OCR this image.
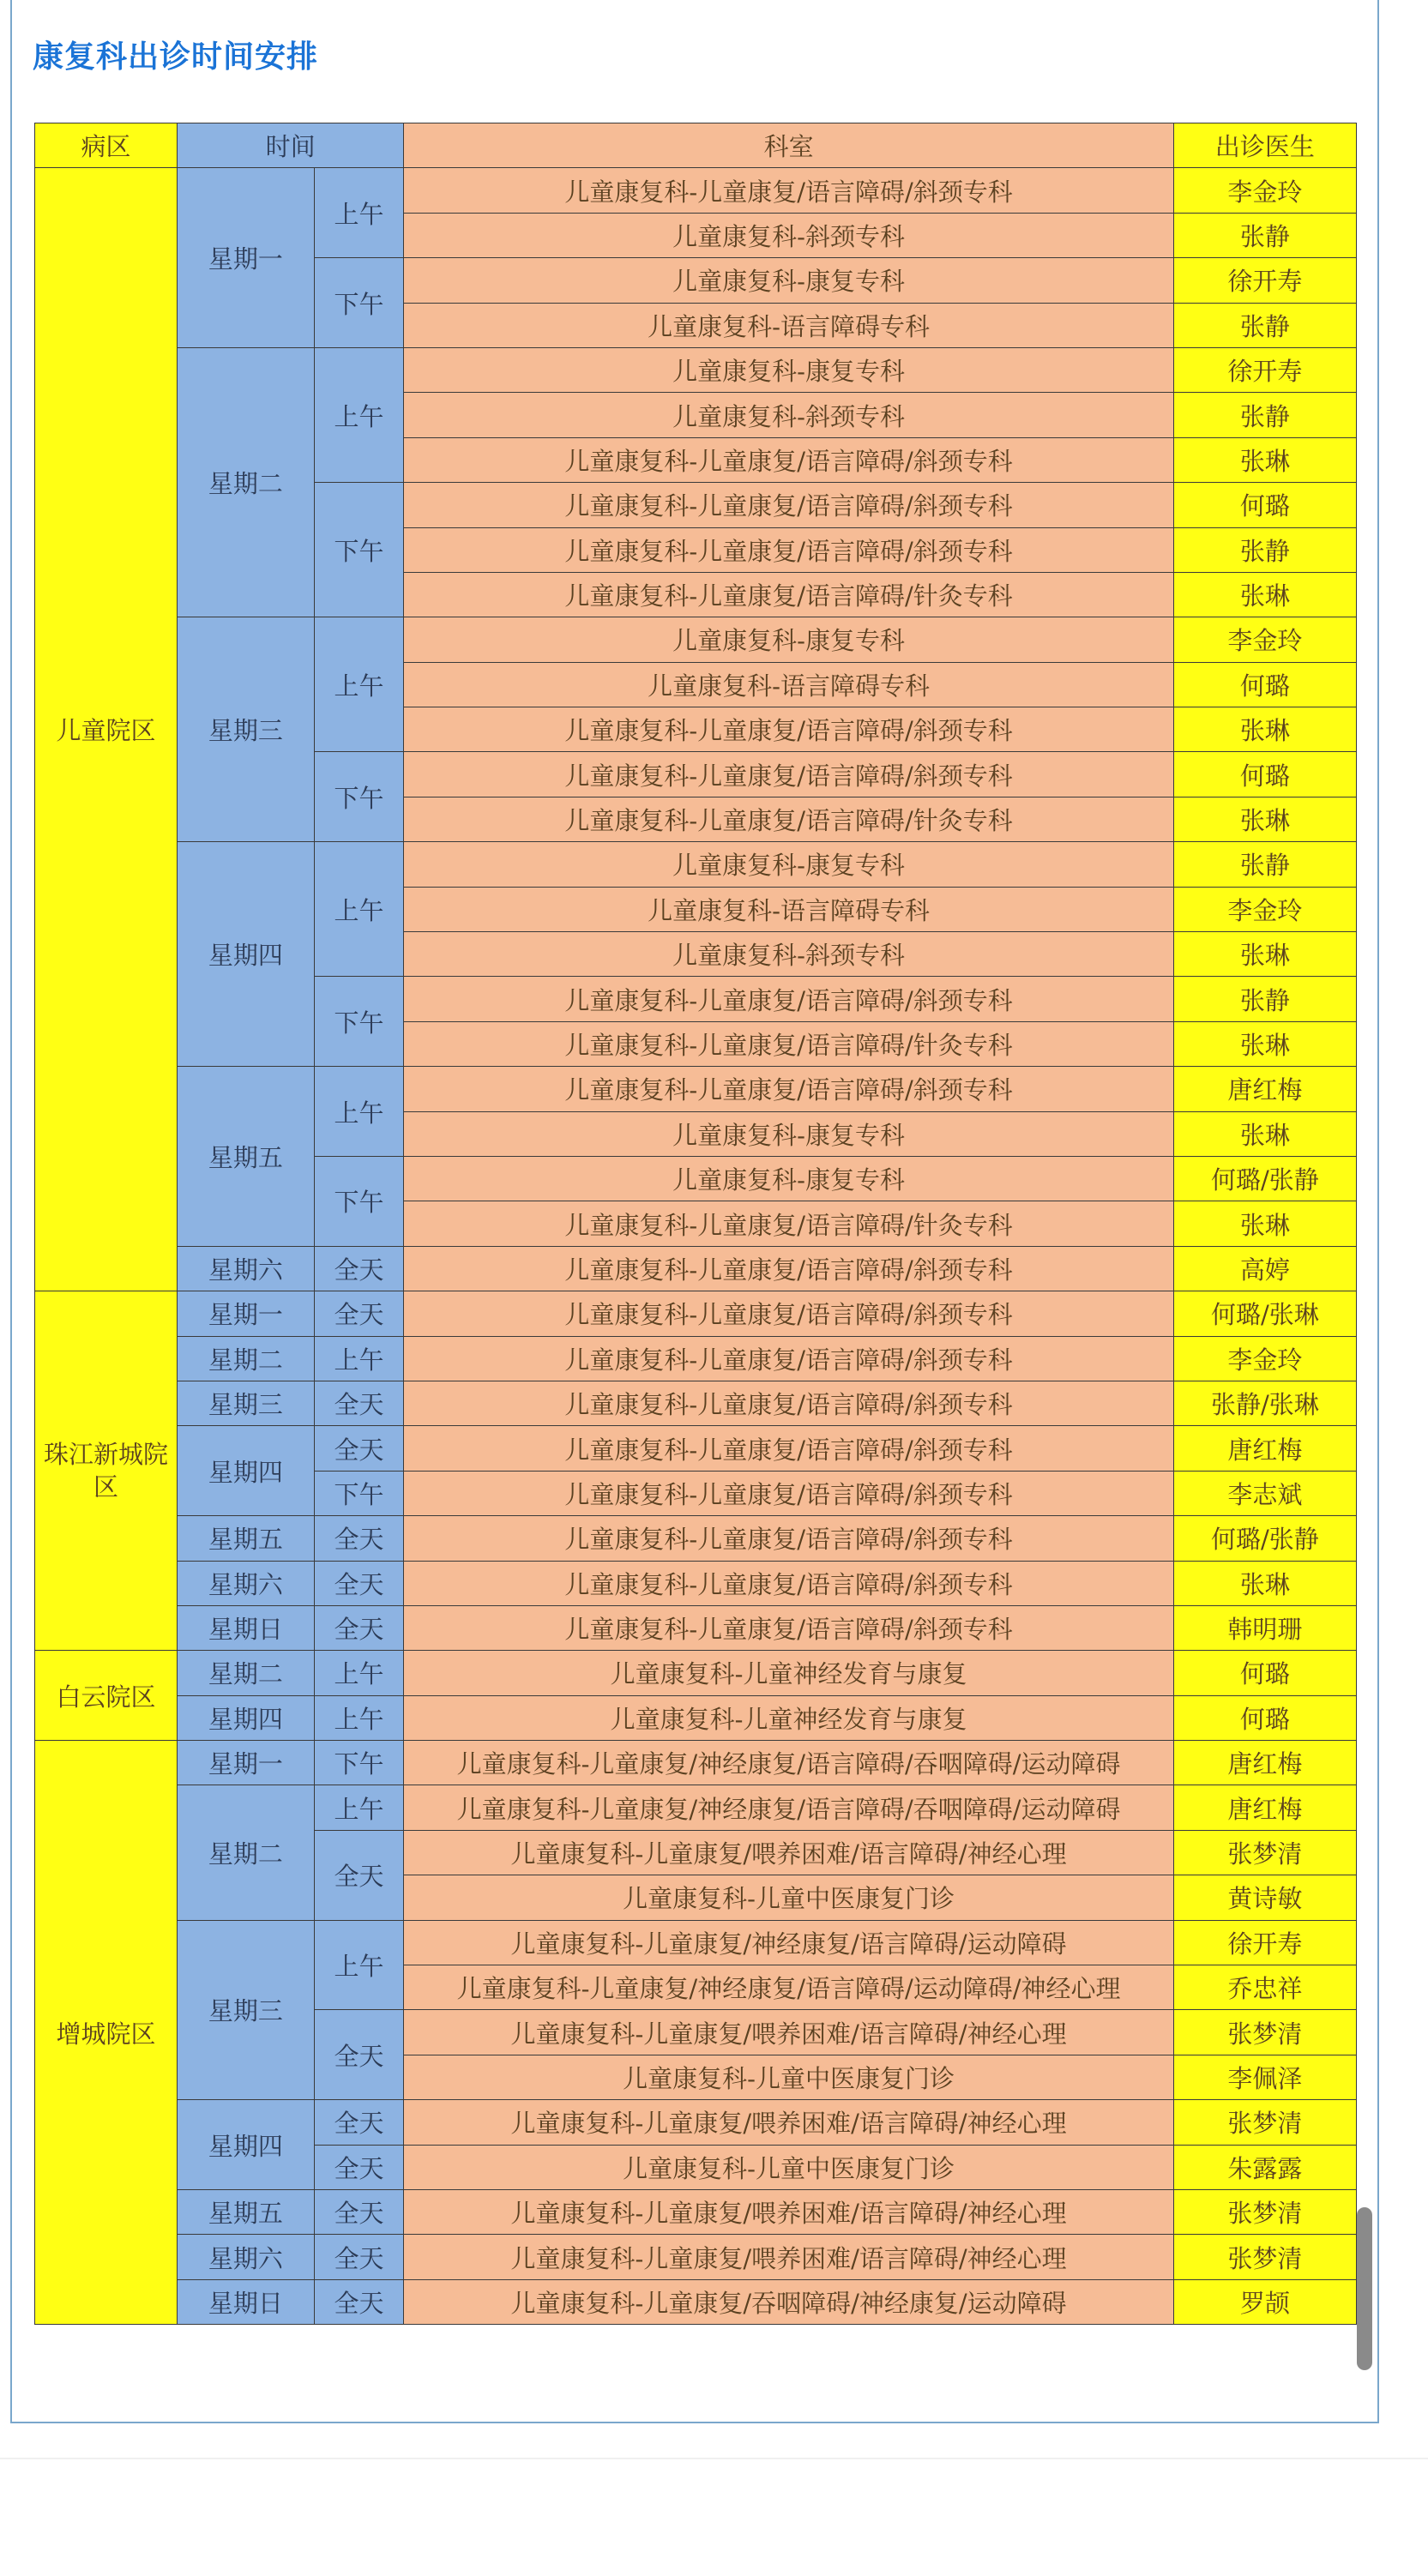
康复科出诊时间安排
病区	时间		科室	出诊医生
儿童院区	星期一	上午	儿童康复科-儿童康复/语言障碍/斜颈专科	李金玲
			儿童康复科-斜颈专科	张静
		下午	儿童康复科-康复专科	徐开寿
			儿童康复科-语言障碍专科	张静
	星期二	上午	儿童康复科-康复专科	徐开寿
			儿童康复科-斜颈专科	张静
			儿童康复科-儿童康复/语言障碍/斜颈专科	张琳
		下午	儿童康复科-儿童康复/语言障碍/斜颈专科	何璐
			儿童康复科-儿童康复/语言障碍/斜颈专科	张静
			儿童康复科-儿童康复/语言障碍/针灸专科	张琳
	星期三	上午	儿童康复科-康复专科	李金玲
			儿童康复科-语言障碍专科	何璐
			儿童康复科-儿童康复/语言障碍/斜颈专科	张琳
		下午	儿童康复科-儿童康复/语言障碍/斜颈专科	何璐
			儿童康复科-儿童康复/语言障碍/针灸专科	张琳
	星期四	上午	儿童康复科-康复专科	张静
			儿童康复科-语言障碍专科	李金玲
			儿童康复科-斜颈专科	张琳
		下午	儿童康复科-儿童康复/语言障碍/斜颈专科	张静
			儿童康复科-儿童康复/语言障碍/针灸专科	张琳
	星期五	上午	儿童康复科-儿童康复/语言障碍/斜颈专科	唐红梅
			儿童康复科-康复专科	张琳
		下午	儿童康复科-康复专科	何璐/张静
			儿童康复科-儿童康复/语言障碍/针灸专科	张琳
	星期六	全天	儿童康复科-儿童康复/语言障碍/斜颈专科	高婷
珠江新城院区	星期一	全天	儿童康复科-儿童康复/语言障碍/斜颈专科	何璐/张琳
	星期二	上午	儿童康复科-儿童康复/语言障碍/斜颈专科	李金玲
	星期三	全天	儿童康复科-儿童康复/语言障碍/斜颈专科	张静/张琳
	星期四	全天	儿童康复科-儿童康复/语言障碍/斜颈专科	唐红梅
		下午	儿童康复科-儿童康复/语言障碍/斜颈专科	李志斌
	星期五	全天	儿童康复科-儿童康复/语言障碍/斜颈专科	何璐/张静
	星期六	全天	儿童康复科-儿童康复/语言障碍/斜颈专科	张琳
	星期日	全天	儿童康复科-儿童康复/语言障碍/斜颈专科	韩明珊
白云院区	星期二	上午	儿童康复科-儿童神经发育与康复	何璐
	星期四	上午	儿童康复科-儿童神经发育与康复	何璐
增城院区	星期一	下午	儿童康复科-儿童康复/神经康复/语言障碍/吞咽障碍/运动障碍	唐红梅
	星期二	上午	儿童康复科-儿童康复/神经康复/语言障碍/吞咽障碍/运动障碍	唐红梅
		全天	儿童康复科-儿童康复/喂养困难/语言障碍/神经心理	张梦清
			儿童康复科-儿童中医康复门诊	黄诗敏
	星期三	上午	儿童康复科-儿童康复/神经康复/语言障碍/运动障碍	徐开寿
			儿童康复科-儿童康复/神经康复/语言障碍/运动障碍/神经心理	乔忠祥
		全天	儿童康复科-儿童康复/喂养困难/语言障碍/神经心理	张梦清
			儿童康复科-儿童中医康复门诊	李佩泽
	星期四	全天	儿童康复科-儿童康复/喂养困难/语言障碍/神经心理	张梦清
		全天	儿童康复科-儿童中医康复门诊	朱露露
	星期五	全天	儿童康复科-儿童康复/喂养困难/语言障碍/神经心理	张梦清
	星期六	全天	儿童康复科-儿童康复/喂养困难/语言障碍/神经心理	张梦清
	星期日	全天	儿童康复科-儿童康复/吞咽障碍/神经康复/运动障碍	罗颉
